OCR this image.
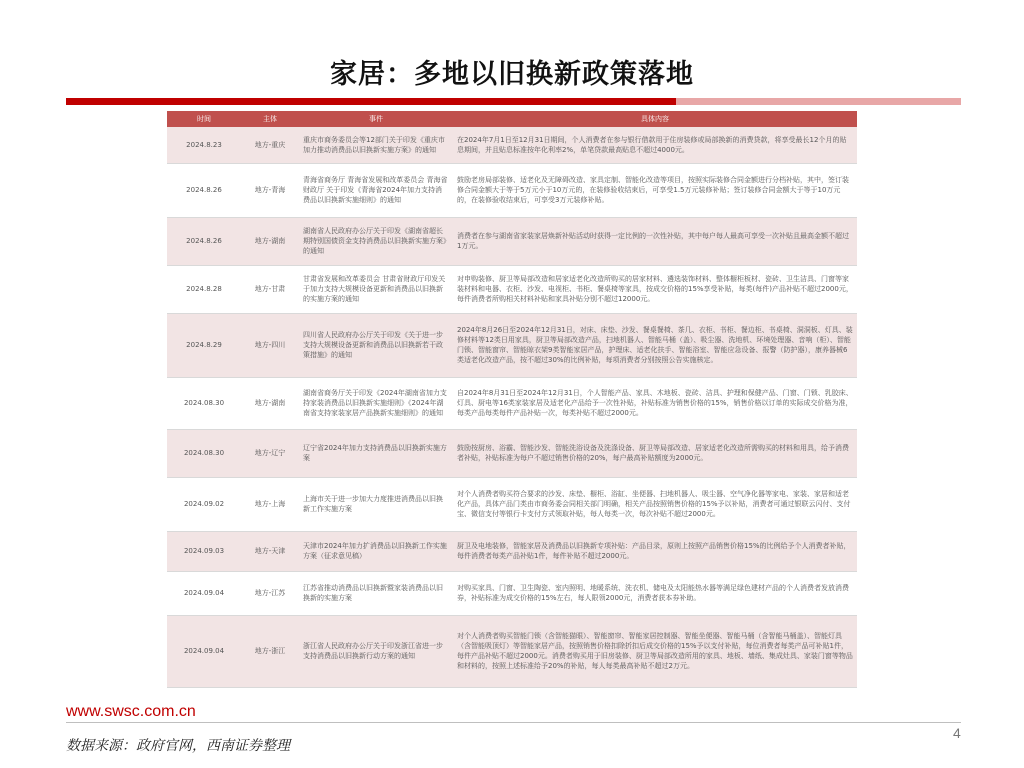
家居：多地以旧换新政策落地
时间	主体	事件	具体内容
2024.8.23	地方-重庆	重庆市商务委员会等12部门关于印发《重庆市加力推动消费品以旧换新实施方案》的通知	在2024年7月1日至12月31日期间，个人消费者在参与银行借款用于住房装修或局部换新的消费贷款，将享受最长12个月的贴息期间，并且贴息标准按年化利率2%，单笔贷款最高贴息不超过4000元。
2024.8.26	地方-青海	青海省商务厅 青海省发展和改革委员会 青海省财政厅 关于印发《青海省2024年加力支持消费品以旧换新实施细则》的通知	鼓励老房局部装修、适老化及无障碍改造、家具定制、智能化改造等项目，按照实际装修合同金额进行分档补贴，其中，签订装修合同金额大于等于5万元小于10万元的，在装修验收结束后，可享受1.5万元装修补贴；签订装修合同金额大于等于10万元的，在装修验收结束后，可享受3万元装修补贴。
2024.8.26	地方-湖南	湖南省人民政府办公厅关于印发《湖南省超长期特别国债资金支持消费品以旧换新实施方案》的通知	消费者在参与湖南省家装家居焕新补贴活动时获得一定比例的一次性补贴，其中每户每人最高可享受一次补贴且最高金额不超过1万元。
2024.8.28	地方-甘肃	甘肃省发展和改革委员会 甘肃省财政厅印发关于加力支持大规模设备更新和消费品以旧换新的实施方案的通知	对申购装修、厨卫等局部改造和居家适老化改造所购买的居家材料、遴选装饰材料、整体橱柜板材、瓷砖、卫生洁具、门窗等家装材料和电器、衣柜、沙发、电视柜、书柜、餐桌椅等家具，按成交价格的15%享受补贴，每类(每件)产品补贴不超过2000元，每件消费者所购相关材料补贴和家具补贴分别不超过12000元。
2024.8.29	地方-四川	四川省人民政府办公厅关于印发《关于进一步支持大规模设备更新和消费品以旧换新若干政策措施》的通知	2024年8月26日至2024年12月31日，对床、床垫、沙发、餐桌餐椅、茶几、衣柜、书柜、餐边柜、书桌椅、洞洞板、灯具、装修材料等12类日用家具，厨卫等局部改造产品，扫地机器人、智能马桶（盖）、吸尘器、洗地机、环境处理器、音响（柜）、智能门锁、智能窗帘、智能晾衣架9类智能家居产品，护理床、适老化扶手、智能浴室、智能应急设备、报警（防护器），康养器械6类适老化改造产品，按不超过30%的比例补贴，每项消费者分别按照公告实施核定。
2024.08.30	地方-湖南	湖南省商务厅关于印发《2024年湖南省加力支持家装消费品以旧换新实施细则》《2024年湖南省支持家装家居产品换新实施细则》的通知	自2024年8月31日至2024年12月31日，个人智能产品、家具、木地板、瓷砖、洁具、护理和保健产品、门窗、门锁、乳胶床、灯具、厨电等16类家装家居及适老化产品给予一次性补贴，补贴标准为销售价格的15%，销售价格以订单的实际成交价格为准，每类产品每类每件产品补贴一次，每类补贴不超过2000元。
2024.08.30	地方-辽宁	辽宁省2024年加力支持消费品以旧换新实施方案	鼓励按厨房、浴霸、智能沙发、智能洗浴设备及洗涤设备、厨卫等局部改造、居家适老化改造所需购买的材料和用具，给予消费者补贴，补贴标准为每户不超过销售价格的20%，每户最高补贴额度为2000元。
2024.09.02	地方-上海	上海市关于进一步加大力度推进消费品以旧换新工作实施方案	对个人消费者购买符合要求的沙发、床垫、橱柜、浴缸、坐便器、扫地机器人、吸尘器、空气净化器等家电、家装、家居和适老化产品，具体产品门类由市商务委会同相关部门明确，相关产品按照销售价格的15%予以补贴，消费者可通过银联云闪付、支付宝、微信支付等银行卡支付方式领取补贴，每人每类一次，每次补贴不超过2000元。
2024.09.03	地方-天津	天津市2024年加力扩消费品以旧换新工作实施方案（征求意见稿）	厨卫及电地装修，智能家居及消费品以旧换新专项补贴：产品目录，原则上按照产品销售价格15%的比例给予个人消费者补贴，每件消费者每类产品补贴1件，每件补贴不超过2000元。
2024.09.04	地方-江苏	江苏省推动消费品以旧换新暨家装消费品以旧换新的实施方案	对购买家具、门窗、卫生陶瓷、室内照明、地暖系统、洗衣机、储电及太阳能热水器等满足绿色建材产品的个人消费者发放消费券，补贴标准为成交价格的15%左右，每人限领2000元，消费者获本券补助。
2024.09.04	地方-浙江	浙江省人民政府办公厅关于印发浙江省进一步支持消费品以旧换新行动方案的通知	对个人消费者购买智能门锁（含智能猫眼）、智能窗帘、智能家居控制器、智能坐便器、智能马桶（含智能马桶盖）、智能灯具（含智能吸顶灯）等智能家居产品，按照销售价格扣除折扣后成交价格的15%予以支付补贴，每位消费者每类产品可补贴1件，每件产品补贴不超过2000元。消费者购买用于旧房装修、厨卫等局部改造所用的家具、地板、墙纸、集成灶具、家装门窗等物品和材料的，按照上述标准给予20%的补贴，每人每类最高补贴不超过2万元。
www.swsc.com.cn
数据来源：政府官网，西南证券整理
4
